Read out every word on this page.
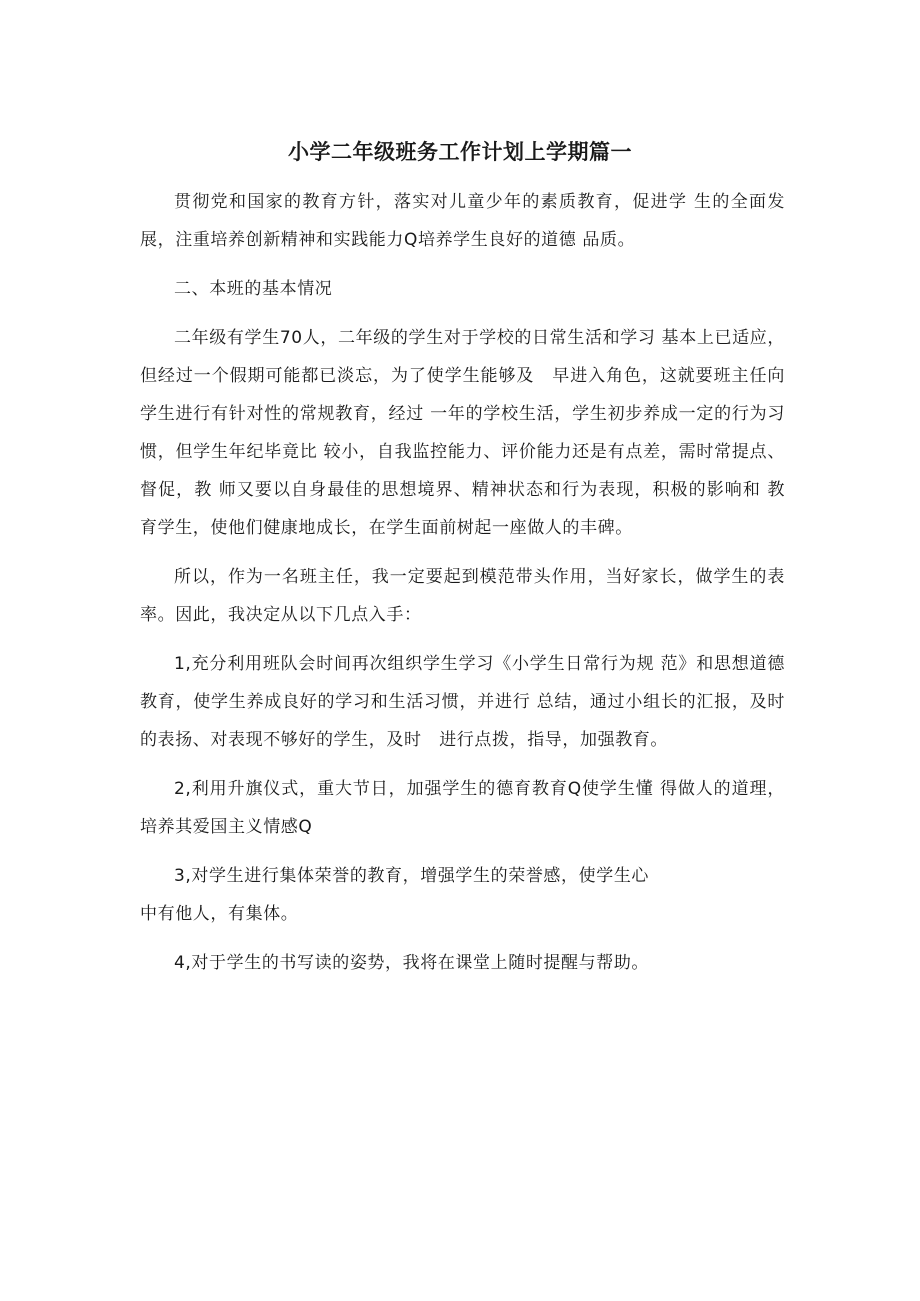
小学二年级班务工作计划上学期篇一

贯彻党和国家的教育方针，落实对儿童少年的素质教育，促进学 生的全面发展，注重培养创新精神和实践能力Q培养学生良好的道德 品质。

二、本班的基本情况

二年级有学生70人，二年级的学生对于学校的日常生活和学习 基本上已适应，但经过一个假期可能都已淡忘，为了使学生能够及　早进入角色，这就要班主任向学生进行有针对性的常规教育，经过 一年的学校生活，学生初步养成一定的行为习惯，但学生年纪毕竟比 较小，自我监控能力、评价能力还是有点差，需时常提点、督促，教 师又要以自身最佳的思想境界、精神状态和行为表现，积极的影响和 教育学生，使他们健康地成长，在学生面前树起一座做人的丰碑。

所以，作为一名班主任，我一定要起到模范带头作用，当好家长，做学生的表率。因此，我决定从以下几点入手：

1,充分利用班队会时间再次组织学生学习《小学生日常行为规 范》和思想道德教育，使学生养成良好的学习和生活习惯，并进行 总结，通过小组长的汇报，及时的表扬、对表现不够好的学生，及时　进行点拨，指导，加强教育。

2,利用升旗仪式，重大节日，加强学生的德育教育Q使学生懂 得做人的道理，培养其爱国主义情感Q

3,对学生进行集体荣誉的教育，增强学生的荣誉感，使学生心

中有他人，有集体。

4,对于学生的书写读的姿势，我将在课堂上随时提醒与帮助。
